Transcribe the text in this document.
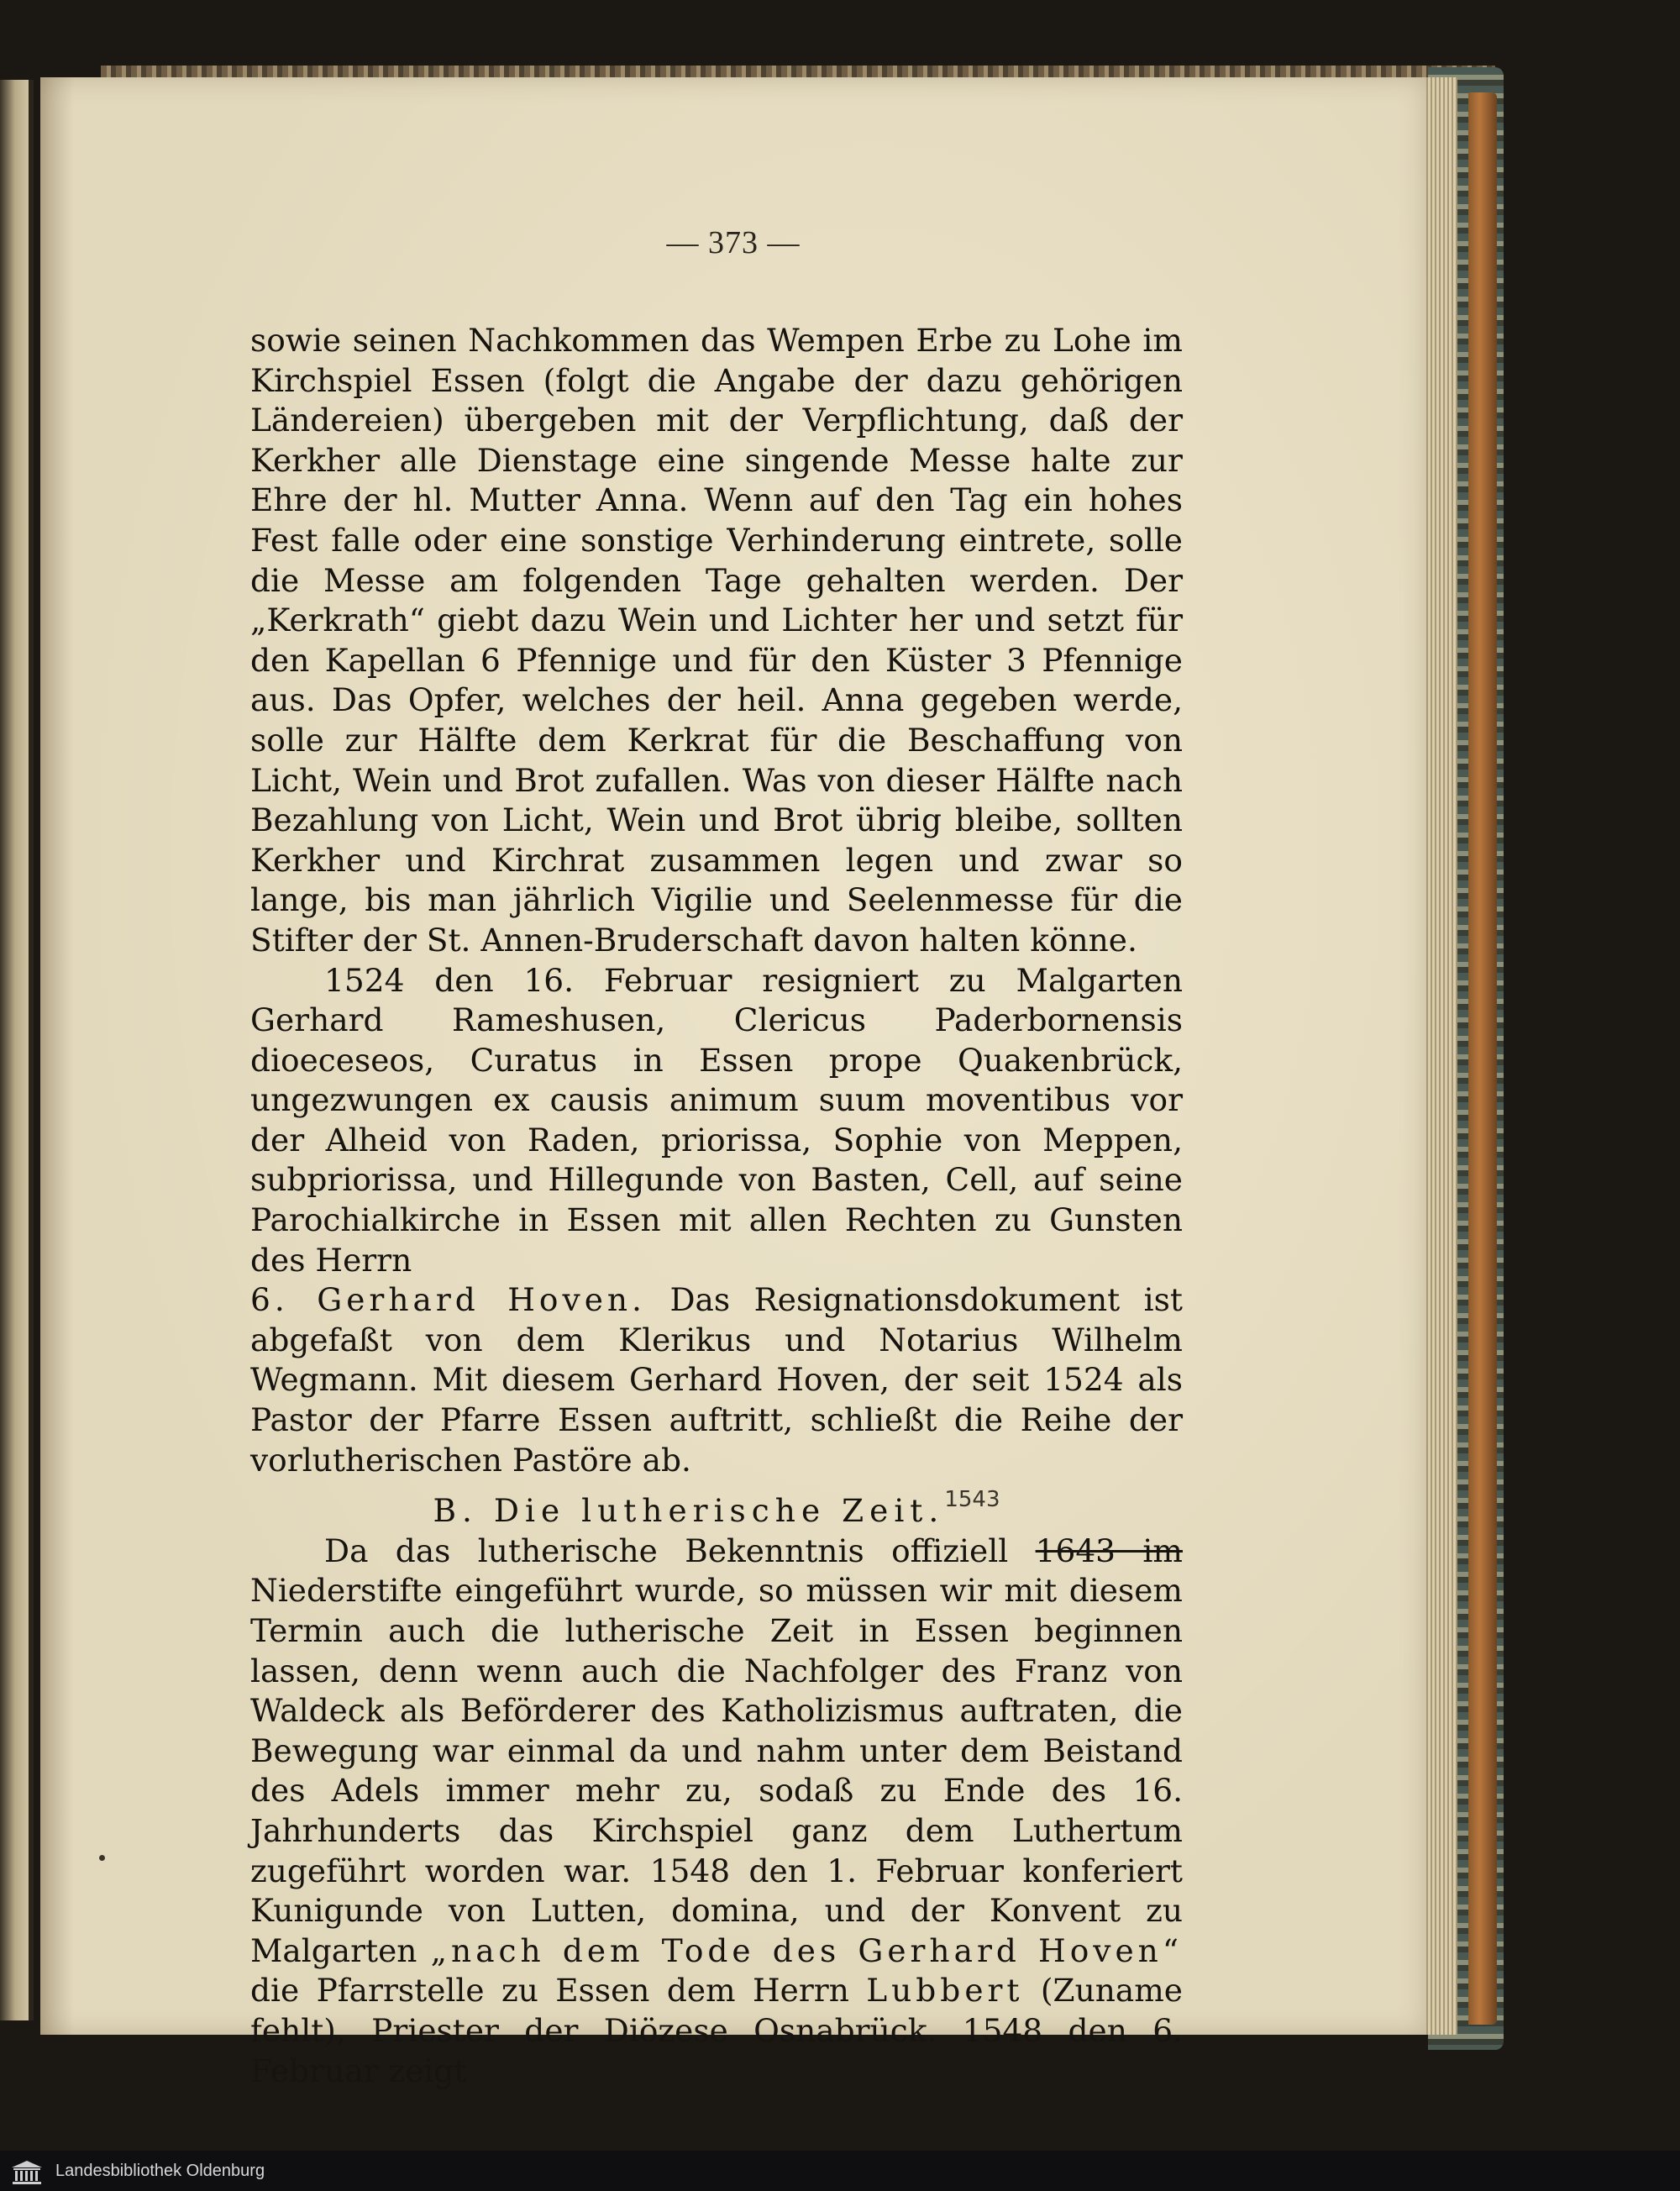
— 373 —

sowie seinen Nachkommen das Wempen Erbe zu Lohe im Kirchspiel Essen (folgt die Angabe der dazu gehörigen Ländereien) übergeben mit der Verpflichtung, daß der Kerkher alle Dienstage eine singende Messe halte zur Ehre der hl. Mutter Anna. Wenn auf den Tag ein hohes Fest falle oder eine sonstige Verhinderung eintrete, solle die Messe am folgenden Tage gehalten werden. Der „Kerkrath“ giebt dazu Wein und Lichter her und setzt für den Kapellan 6 Pfennige und für den Küster 3 Pfennige aus. Das Opfer, welches der heil. Anna gegeben werde, solle zur Hälfte dem Kerkrat für die Beschaffung von Licht, Wein und Brot zufallen. Was von dieser Hälfte nach Bezahlung von Licht, Wein und Brot übrig bleibe, sollten Kerkher und Kirchrat zusammen legen und zwar so lange, bis man jährlich Vigilie und Seelenmesse für die Stifter der St. Annen-Bruderschaft davon halten könne.

1524 den 16. Februar resigniert zu Malgarten Gerhard Rameshusen, Clericus Paderbornensis dioeceseos, Curatus in Essen prope Quakenbrück, ungezwungen ex causis animum suum moventibus vor der Alheid von Raden, priorissa, Sophie von Meppen, subpriorissa, und Hillegunde von Basten, Cell, auf seine Parochialkirche in Essen mit allen Rechten zu Gunsten des Herrn
6. Gerhard Hoven. Das Resignationsdokument ist abgefaßt von dem Klerikus und Notarius Wilhelm Wegmann. Mit diesem Gerhard Hoven, der seit 1524 als Pastor der Pfarre Essen auftritt, schließt die Reihe der vorlutherischen Pastöre ab.

B. Die lutherische Zeit.$^{1543}$

Da das lutherische Bekenntnis offiziell 1643 im Niederstifte eingeführt wurde, so müssen wir mit diesem Termin auch die lutherische Zeit in Essen beginnen lassen, denn wenn auch die Nachfolger des Franz von Waldeck als Beförderer des Katholizismus auftraten, die Bewegung war einmal da und nahm unter dem Beistand des Adels immer mehr zu, sodaß zu Ende des 16. Jahrhunderts das Kirchspiel ganz dem Luthertum zugeführt worden war. 1548 den 1. Februar konferiert Kunigunde von Lutten, domina, und der Konvent zu Malgarten „nach dem Tode des Gerhard Hoven“ die Pfarrstelle zu Essen dem Herrn Lubbert (Zuname fehlt), Priester der Diözese Osnabrück. 1548 den 6. Februar zeigt

Landesbibliothek Oldenburg
